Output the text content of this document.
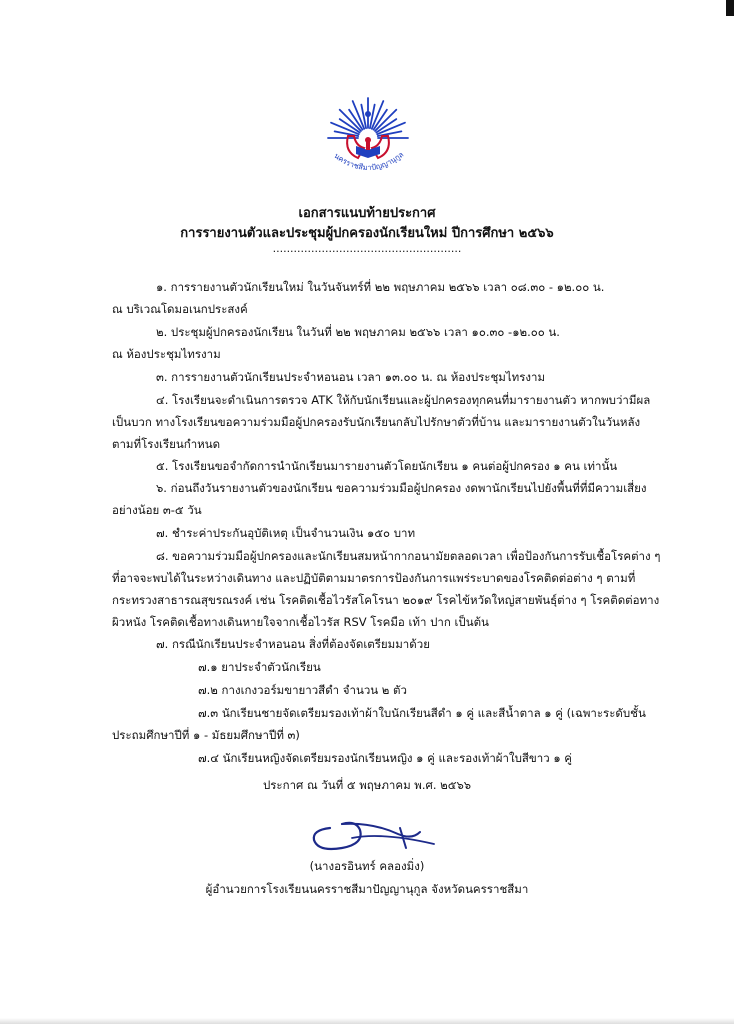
นครราชสีมาปัญญานุกูล
เอกสารแนบท้ายประกาศ
การรายงานตัวและประชุมผู้ปกครองนักเรียนใหม่ ปีการศึกษา ๒๕๖๖
......................................................
๑. การรายงานตัวนักเรียนใหม่ ในวันจันทร์ที่ ๒๒ พฤษภาคม ๒๕๖๖ เวลา ๐๘.๓๐ - ๑๒.๐๐ น.
ณ บริเวณโดมอเนกประสงค์
๒. ประชุมผู้ปกครองนักเรียน ในวันที่ ๒๒ พฤษภาคม ๒๕๖๖ เวลา ๑๐.๓๐ -๑๒.๐๐ น.
ณ ห้องประชุมไทรงาม
๓. การรายงานตัวนักเรียนประจำหอนอน เวลา ๑๓.๐๐ น. ณ ห้องประชุมไทรงาม
๔. โรงเรียนจะดำเนินการตรวจ ATK ให้กับนักเรียนและผู้ปกครองทุกคนที่มารายงานตัว หากพบว่ามีผล
เป็นบวก ทางโรงเรียนขอความร่วมมือผู้ปกครองรับนักเรียนกลับไปรักษาตัวที่บ้าน และมารายงานตัวในวันหลัง
ตามที่โรงเรียนกำหนด
๕. โรงเรียนขอจำกัดการนำนักเรียนมารายงานตัวโดยนักเรียน ๑ คนต่อผู้ปกครอง ๑ คน เท่านั้น
๖. ก่อนถึงวันรายงานตัวของนักเรียน ขอความร่วมมือผู้ปกครอง งดพานักเรียนไปยังพื้นที่ที่มีความเสี่ยง
อย่างน้อย ๓-๕ วัน
๗. ชำระค่าประกันอุบัติเหตุ เป็นจำนวนเงิน ๑๕๐ บาท
๘. ขอความร่วมมือผู้ปกครองและนักเรียนสมหน้ากากอนามัยตลอดเวลา เพื่อป้องกันการรับเชื้อโรคต่าง ๆ
ที่อาจจะพบได้ในระหว่างเดินทาง และปฏิบัติตามมาตรการป้องกันการแพร่ระบาดของโรคติดต่อต่าง ๆ ตามที่
กระทรวงสาธารณสุขรณรงค์ เช่น โรคติดเชื้อไวรัสโคโรนา ๒๐๑๙ โรคไข้หวัดใหญ่สายพันธุ์ต่าง ๆ โรคติดต่อทาง
ผิวหนัง โรคติดเชื้อทางเดินหายใจจากเชื้อไวรัส RSV โรคมือ เท้า ปาก เป็นต้น
๗. กรณีนักเรียนประจำหอนอน สิ่งที่ต้องจัดเตรียมมาด้วย
๗.๑ ยาประจำตัวนักเรียน
๗.๒ กางเกงวอร์มขายาวสีดำ จำนวน ๒ ตัว
๗.๓ นักเรียนชายจัดเตรียมรองเท้าผ้าใบนักเรียนสีดำ ๑ คู่ และสีน้ำตาล ๑ คู่ (เฉพาะระดับชั้น
ประถมศึกษาปีที่ ๑ - มัธยมศึกษาปีที่ ๓)
๗.๔ นักเรียนหญิงจัดเตรียมรองนักเรียนหญิง ๑ คู่ และรองเท้าผ้าใบสีขาว ๑ คู่
ประกาศ ณ วันที่ ๕ พฤษภาคม พ.ศ. ๒๕๖๖
(นางอรอินทร์ คลองมิ่ง)
ผู้อำนวยการโรงเรียนนครราชสีมาปัญญานุกูล จังหวัดนครราชสีมา
